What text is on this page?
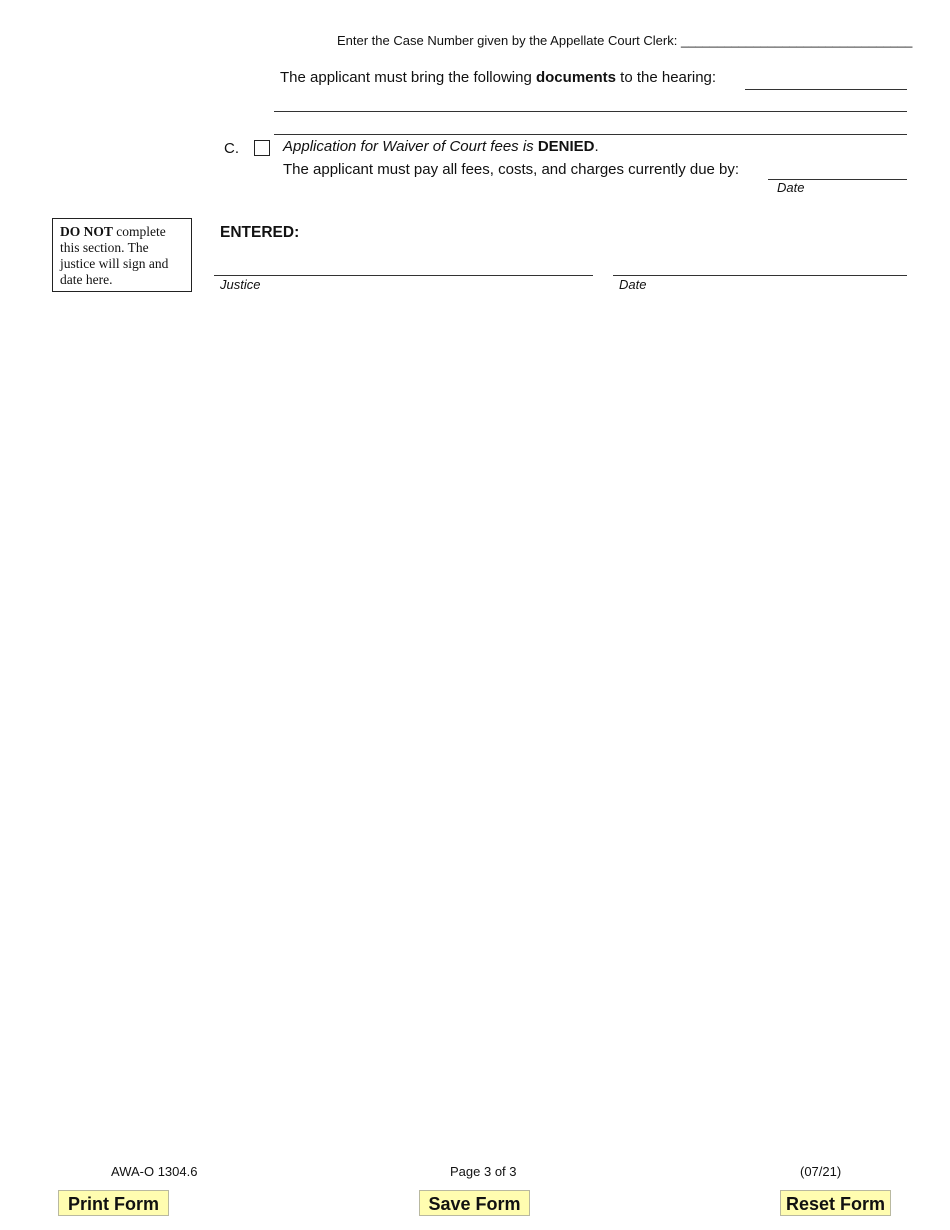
Enter the Case Number given by the Appellate Court Clerk: ________________________________
The applicant must bring the following documents to the hearing:
C.	Application for Waiver of Court fees is DENIED.
The applicant must pay all fees, costs, and charges currently due by:
Date
DO NOT complete this section. The justice will sign and date here.
ENTERED:
Justice	Date
AWA-O 1304.6	Page 3 of 3	(07/21)
Print Form	Save Form	Reset Form
